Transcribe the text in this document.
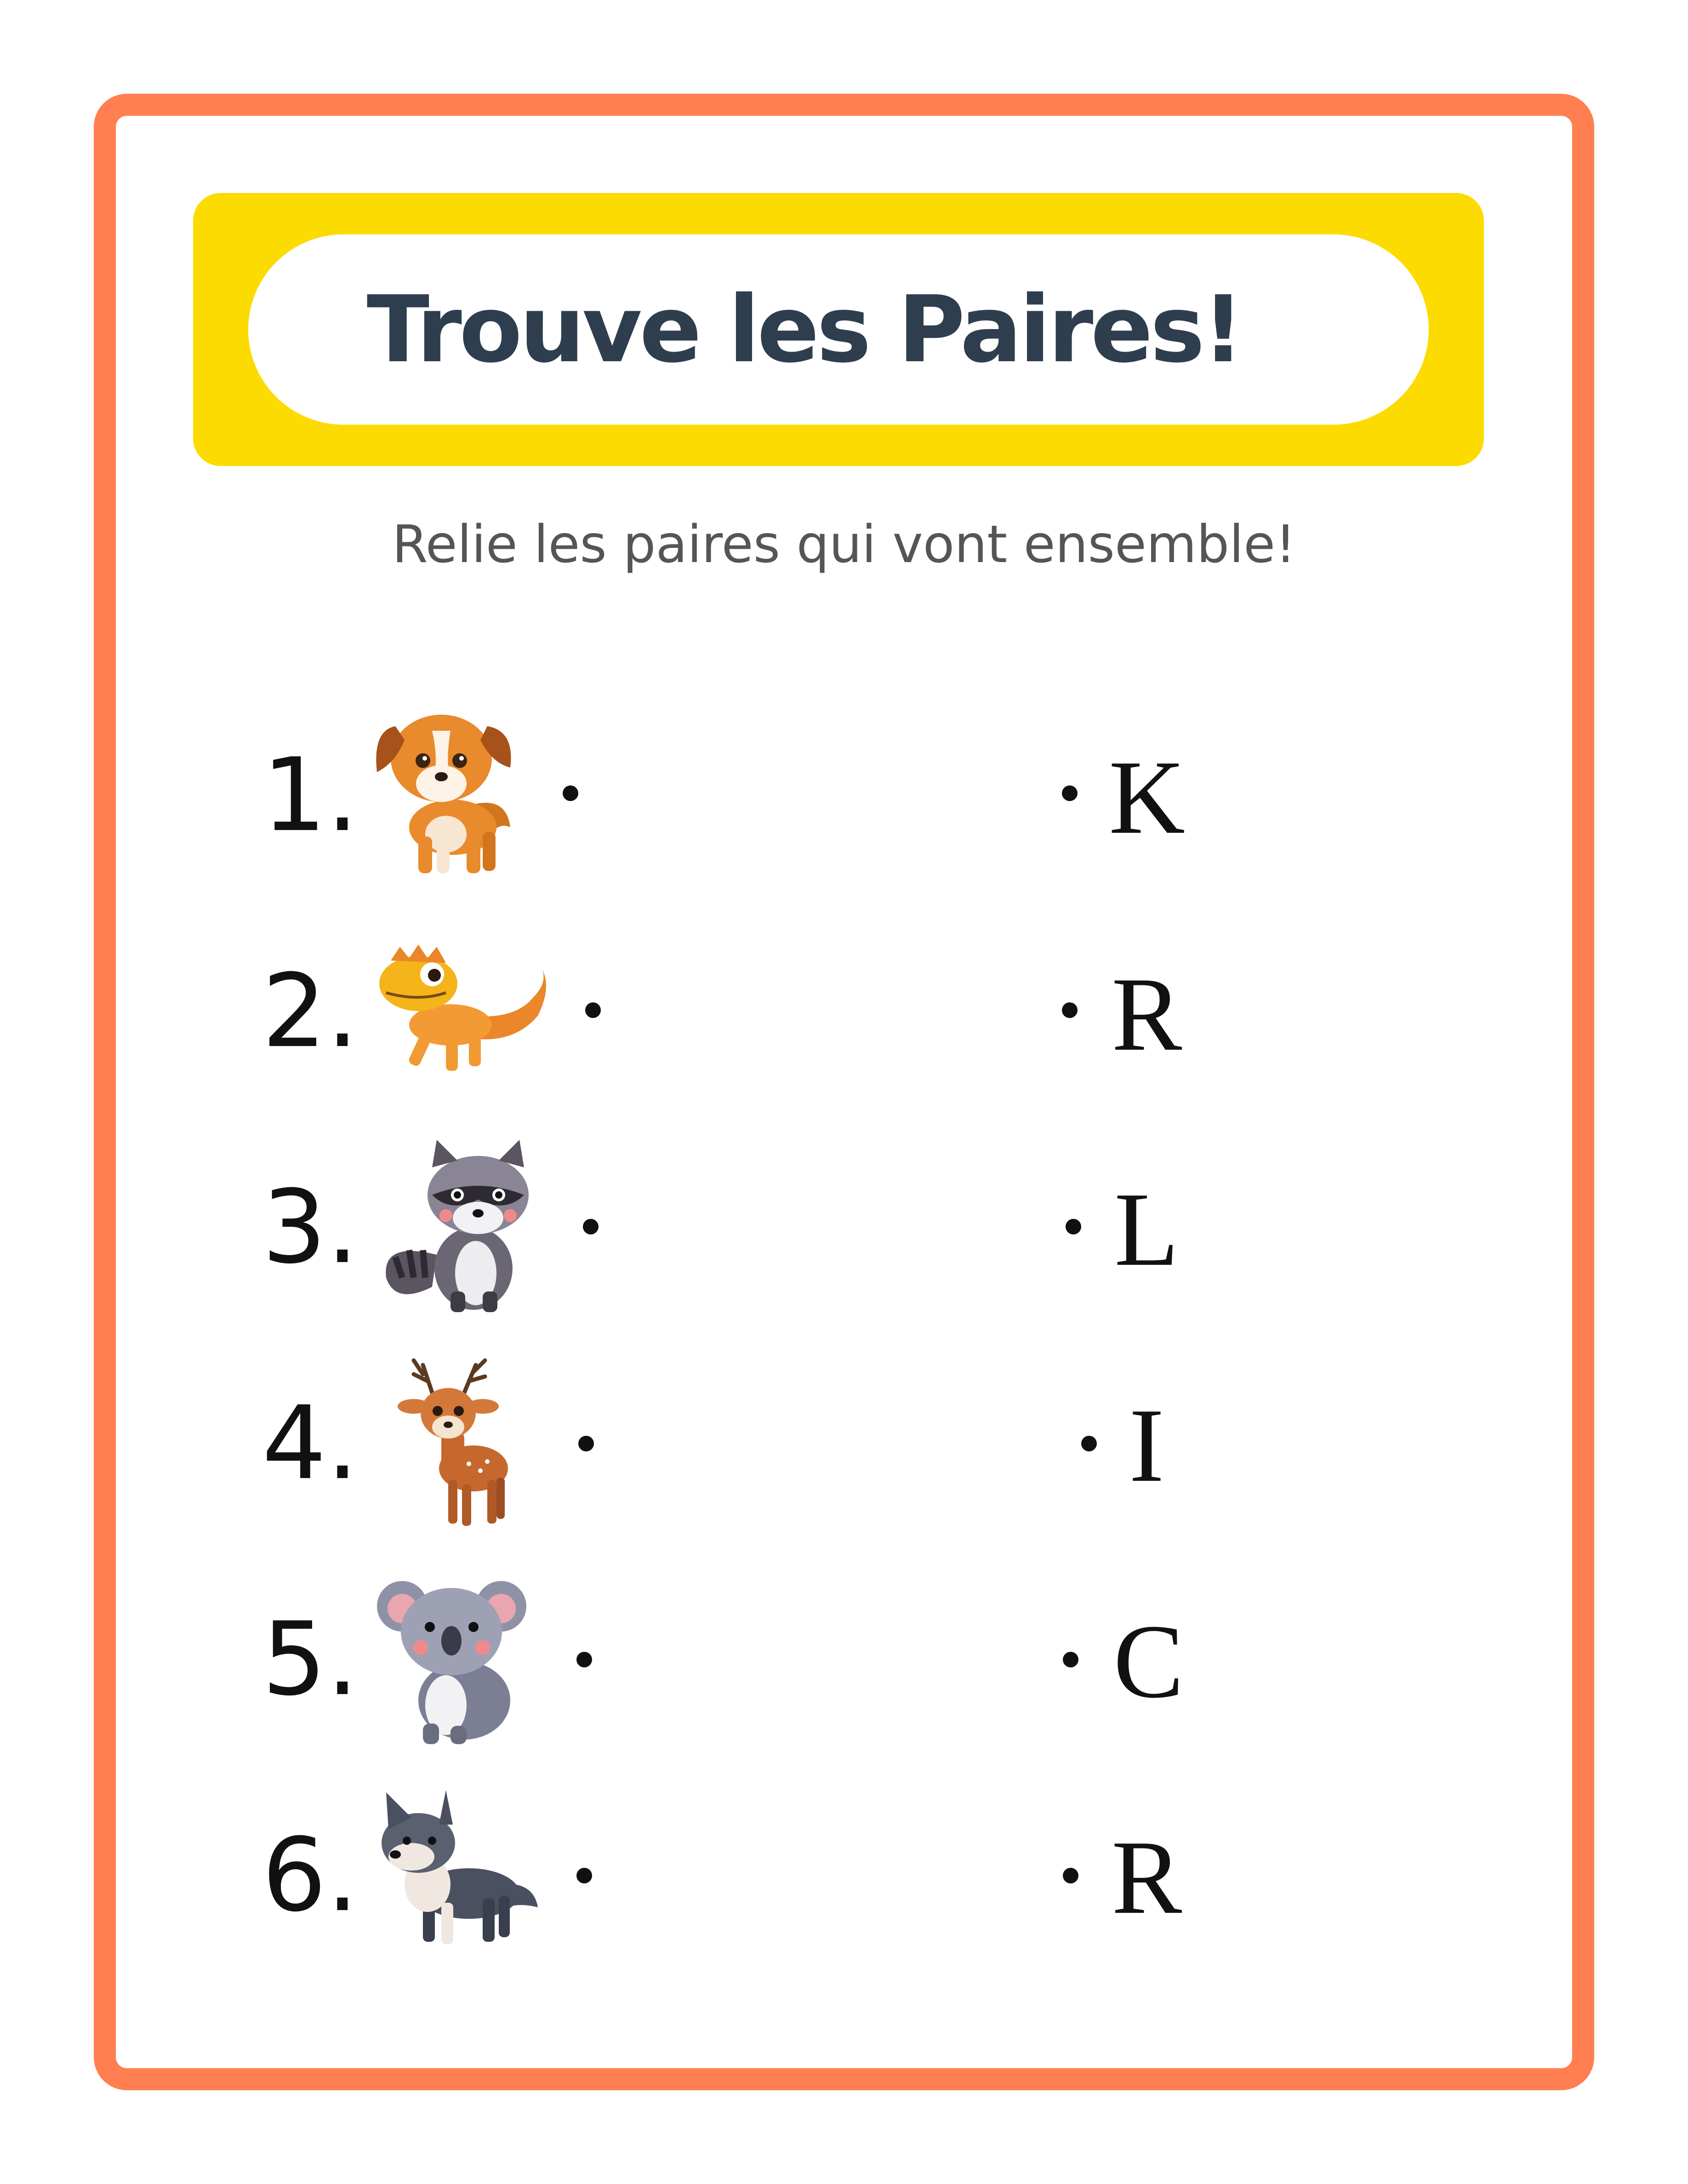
Trouve les Paires!
Relie les paires qui vont ensemble!
1.	K
2.	R
3.	L
4.	I
5.	C
6.	R
